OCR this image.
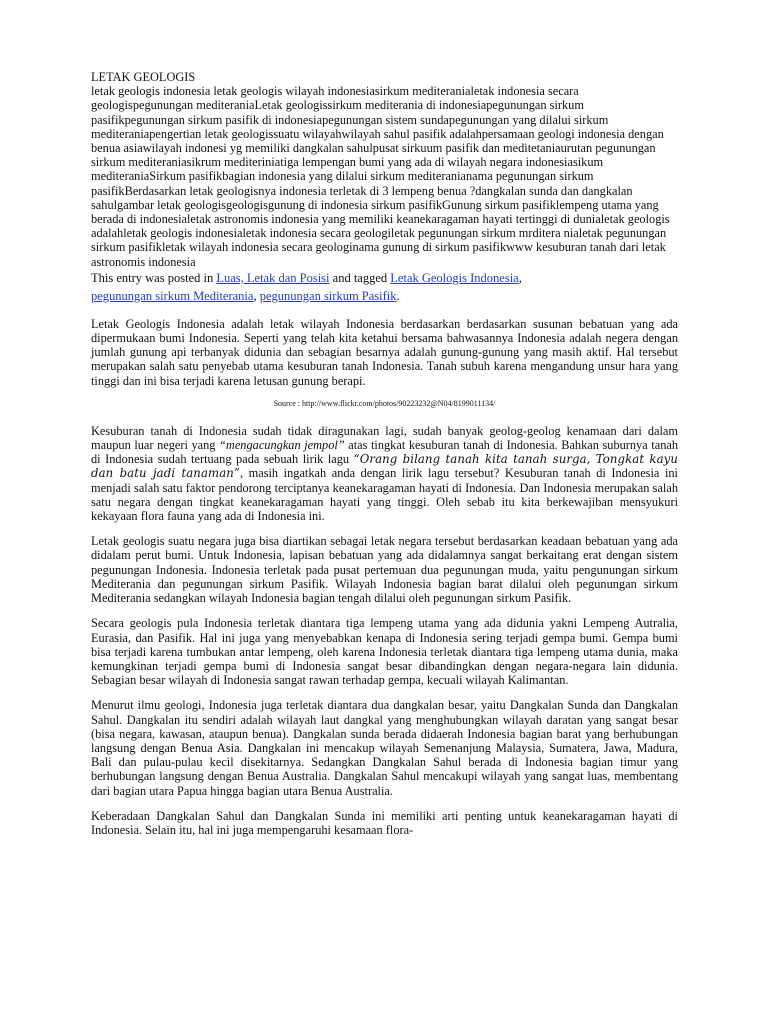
LETAK GEOLOGIS

letak geologis indonesia letak geologis wilayah indonesiasirkum mediteranialetak indonesia secara geologispegunungan mediteraniaLetak geologissirkum mediterania di indonesiapegunungan sirkum pasifikpegunungan sirkum pasifik di indonesiapegunungan sistem sundapegunungan yang dilalui sirkum mediteraniapengertian letak geologissuatu wilayahwilayah sahul pasifik adalahpersamaan geologi indonesia dengan benua asiawilayah indonesi yg memiliki dangkalan sahulpusat sirkuum pasifik dan meditetaniaurutan pegunungan sirkum mediteraniasikrum mediteriniatiga lempengan bumi yang ada di wilayah negara indonesiasikum mediteraniaSirkum pasifikbagian indonesia yang dilalui sirkum mediteranianama pegunungan sirkum pasifikBerdasarkan letak geologisnya indonesia terletak di 3 lempeng benua ?dangkalan sunda dan dangkalan sahulgambar letak geologisgeologisgunung di indonesia sirkum pasifikGunung sirkum pasifiklempeng utama yang berada di indonesialetak astronomis indonesia yang memiliki keanekaragaman hayati tertinggi di dunialetak geologis adalahletak geologis indonesialetak indonesia secara geologiletak pegunungan sirkum mrditera nialetak pegunungan sirkum pasifikletak wilayah indonesia secara geologinama gunung di sirkum pasifikwww kesuburan tanah dari letak astronomis indonesia

This entry was posted in Luas, Letak dan Posisi and tagged Letak Geologis Indonesia,
pegunungan sirkum Mediterania, pegunungan sirkum Pasifik.

Letak Geologis Indonesia adalah letak wilayah Indonesia berdasarkan berdasarkan susunan bebatuan yang ada dipermukaan bumi Indonesia. Seperti yang telah kita ketahui bersama bahwasannya Indonesia adalah negera dengan jumlah gunung api terbanyak didunia dan sebagian besarnya adalah gunung-gunung yang masih aktif. Hal tersebut merupakan salah satu penyebab utama kesuburan tanah Indonesia. Tanah subuh karena mengandung unsur hara yang tinggi dan ini bisa terjadi karena letusan gunung berapi.

Source : http://www.flickr.com/photos/90223232@N04/8199011134/

Kesuburan tanah di Indonesia sudah tidak diragunakan lagi, sudah banyak geolog-geolog kenamaan dari dalam maupun luar negeri yang “mengacungkan jempol” atas tingkat kesuburan tanah di Indonesia. Bahkan suburnya tanah di Indonesia sudah tertuang pada sebuah lirik lagu “Orang bilang tanah kita tanah surga, Tongkat kayu dan batu jadi tanaman”, masih ingatkah anda dengan lirik lagu tersebut? Kesuburan tanah di Indonesia ini menjadi salah satu faktor pendorong terciptanya keanekaragaman hayati di Indonesia. Dan Indonesia merupakan salah satu negara dengan tingkat keanekaragaman hayati yang tinggi. Oleh sebab itu kita berkewajiban mensyukuri kekayaan flora fauna yang ada di Indonesia ini.

Letak geologis suatu negara juga bisa diartikan sebagai letak negara tersebut berdasarkan keadaan bebatuan yang ada didalam perut bumi. Untuk Indonesia, lapisan bebatuan yang ada didalamnya sangat berkaitang erat dengan sistem pegunungan Indonesia. Indonesia terletak pada pusat pertemuan dua pegunungan muda, yaitu pengunungan sirkum Mediterania dan pegunungan sirkum Pasifik. Wilayah Indonesia bagian barat dilalui oleh pegunungan sirkum Mediterania sedangkan wilayah Indonesia bagian tengah dilalui oleh pegunungan sirkum Pasifik.

Secara geologis pula Indonesia terletak diantara tiga lempeng utama yang ada didunia yakni Lempeng Autralia, Eurasia, dan Pasifik. Hal ini juga yang menyebabkan kenapa di Indonesia sering terjadi gempa bumi. Gempa bumi bisa terjadi karena tumbukan antar lempeng, oleh karena Indonesia terletak diantara tiga lempeng utama dunia, maka kemungkinan terjadi gempa bumi di Indonesia sangat besar dibandingkan dengan negara-negara lain didunia. Sebagian besar wilayah di Indonesia sangat rawan terhadap gempa, kecuali wilayah Kalimantan.

Menurut ilmu geologi, Indonesia juga terletak diantara dua dangkalan besar, yaitu Dangkalan Sunda dan Dangkalan Sahul. Dangkalan itu sendiri adalah wilayah laut dangkal yang menghubungkan wilayah daratan yang sangat besar (bisa negara, kawasan, ataupun benua). Dangkalan sunda berada didaerah Indonesia bagian barat yang berhubungan langsung dengan Benua Asia. Dangkalan ini mencakup wilayah Semenanjung Malaysia, Sumatera, Jawa, Madura, Bali dan pulau-pulau kecil disekitarnya. Sedangkan Dangkalan Sahul berada di Indonesia bagian timur yang berhubungan langsung dengan Benua Australia. Dangkalan Sahul mencakupi wilayah yang sangat luas, membentang dari bagian utara Papua hingga bagian utara Benua Australia.

Keberadaan Dangkalan Sahul dan Dangkalan Sunda ini memiliki arti penting untuk keanekaragaman hayati di Indonesia. Selain itu, hal ini juga mempengaruhi kesamaan flora-
